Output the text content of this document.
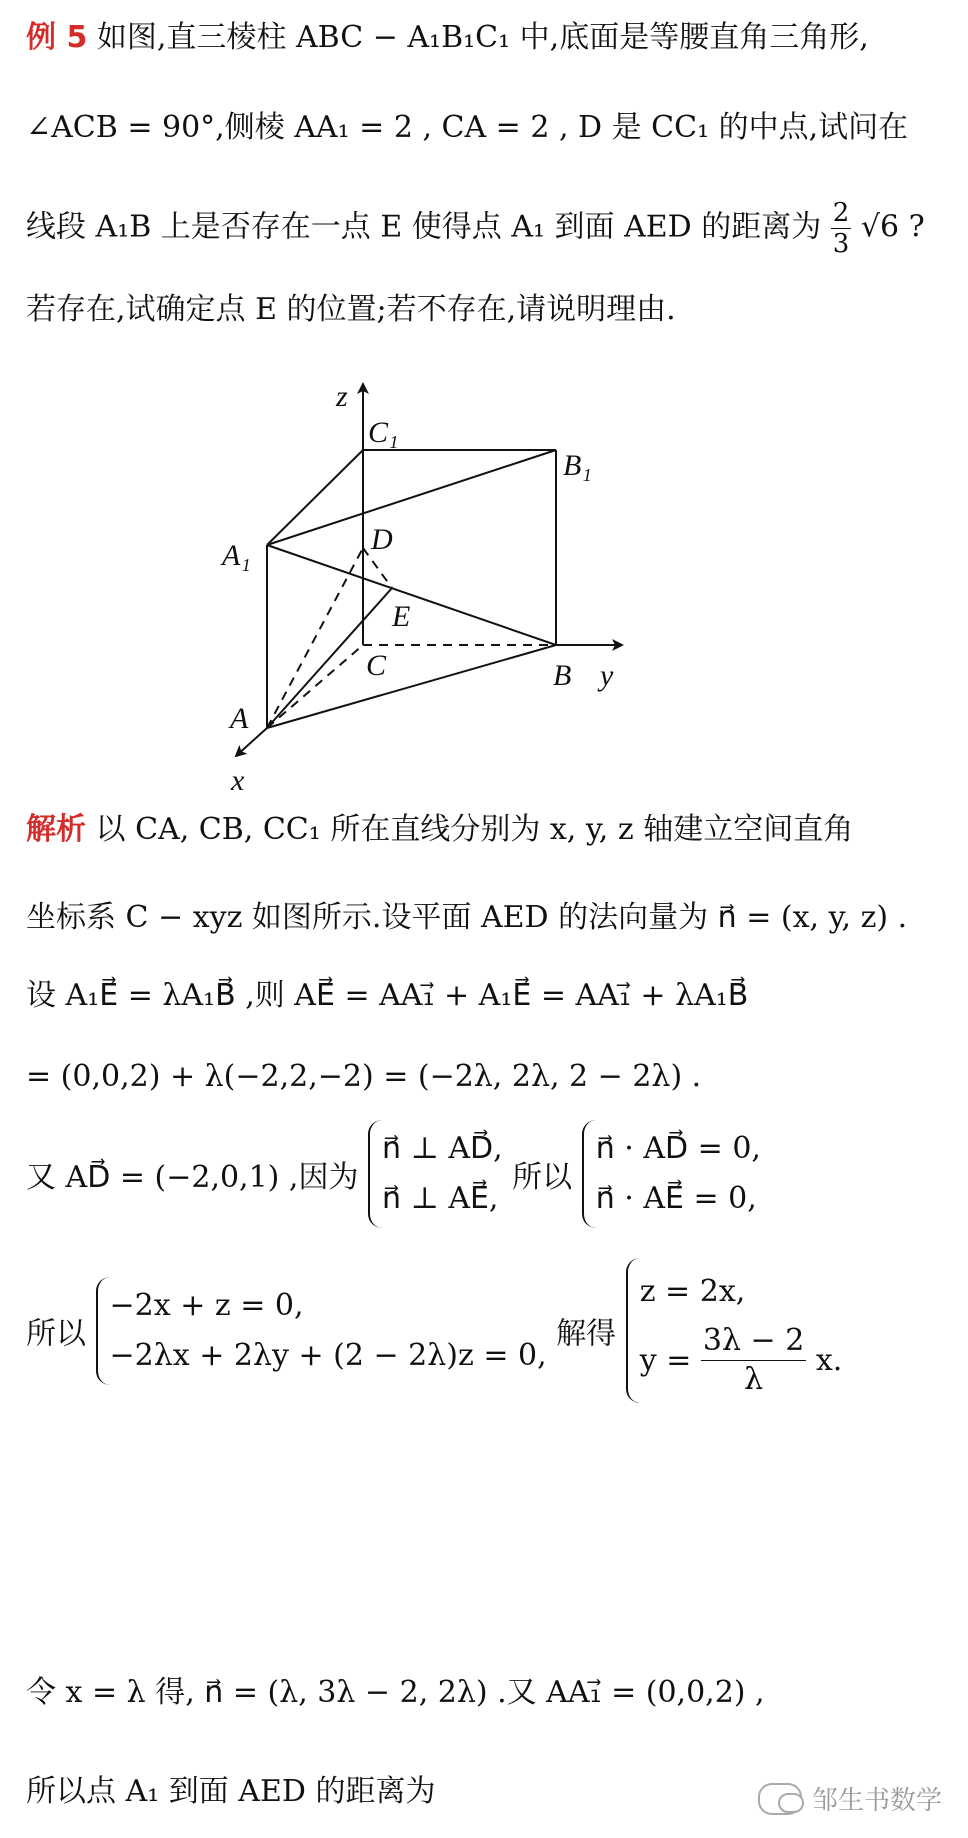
例 5 如图,直三棱柱 ABC − A₁B₁C₁ 中,底面是等腰直角三角形,
∠ACB = 90°,侧棱 AA₁ = 2 , CA = 2 , D 是 CC₁ 的中点,试问在
线段 A₁B 上是否存在一点 E 使得点 A₁ 到面 AED 的距离为 $\frac{2}{3} √6$ ?
若存在,试确定点 E 的位置;若不存在,请说明理由.
z
C₁
B₁
A₁	D
E
C	B y
A
x
解析 以 CA, CB, CC₁ 所在直线分别为 x, y, z 轴建立空间直角
坐标系 C − xyz 如图所示.设平面 AED 的法向量为 n⃗ = (x, y, z) .
设 A₁E⃗ = λA₁B⃗ ,则 AE⃗ = AA₁⃗ + A₁E⃗ = AA₁⃗ + λA₁B⃗
= (0,0,2) + λ(−2,2,−2) = (−2λ, 2λ, 2 − 2λ) .
又 AD⃗ = (−2,0,1) ,因为
n⃗ ⊥ AD⃗,
n⃗ ⊥ AE⃗,
所以
n⃗ · AD⃗ = 0,
n⃗ · AE⃗ = 0,
所以
−2x + z = 0,
−2λx + 2λy + (2 − 2λ)z = 0,
解得
z = 2x,
$y = \frac{3\lambda - 2}{\lambda} x$.
令 x = λ 得, n⃗ = (λ, 3λ − 2, 2λ) .又 AA₁⃗ = (0,0,2) ,
所以点 A₁ 到面 AED 的距离为	邹生书数学
